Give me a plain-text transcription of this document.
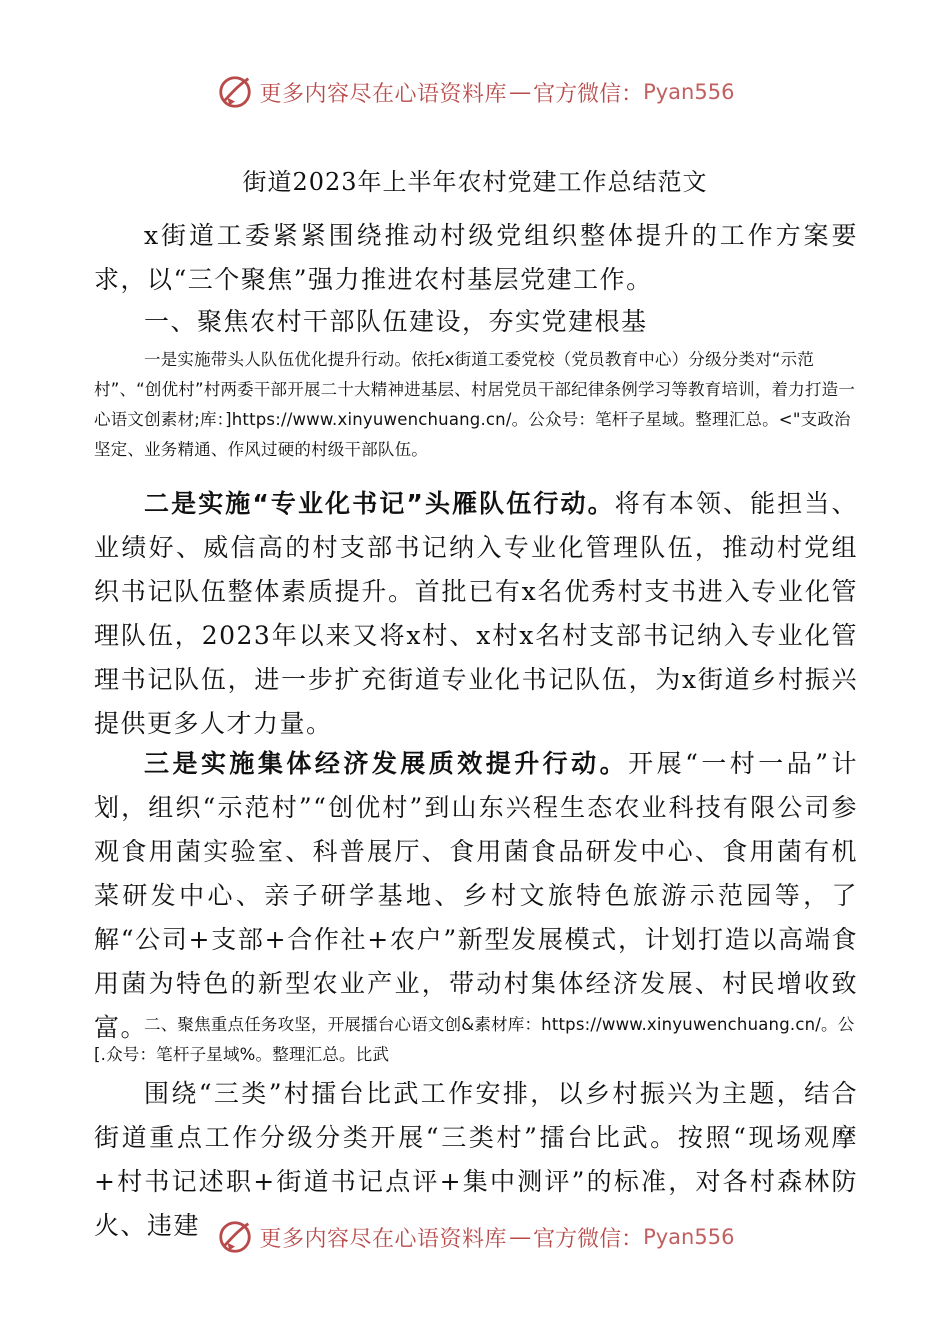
更多内容尽在心语资料库 — 官方微信： Pyan556
街道2023年上半年农村党建工作总结范文
x街道工委紧紧围绕推动村级党组织整体提升的工作方案要求，以“三个聚焦”强力推进农村基层党建工作。
一、聚焦农村干部队伍建设，夯实党建根基
一是实施带头人队伍优化提升行动。依托x街道工委党校（党员教育中心）分级分类对“示范村”、“创优村”村两委干部开展二十大精神进基层、村居党员干部纪律条例学习等教育培训，着力打造一心语文创素材;库：]https://www.xinyuwenchuang.cn/。公众号：笔杆子星域。整理汇总。<"支政治坚定、业务精通、作风过硬的村级干部队伍。
二是实施“专业化书记”头雁队伍行动。将有本领、能担当、业绩好、威信高的村支部书记纳入专业化管理队伍，推动村党组织书记队伍整体素质提升。首批已有x名优秀村支书进入专业化管理队伍，2023年以来又将x村、x村x名村支部书记纳入专业化管理书记队伍，进一步扩充街道专业化书记队伍，为x街道乡村振兴提供更多人才力量。
三是实施集体经济发展质效提升行动。开展“一村一品”计划，组织“示范村”“创优村”到山东兴程生态农业科技有限公司参观食用菌实验室、科普展厅、食用菌食品研发中心、食用菌有机菜研发中心、亲子研学基地、乡村文旅特色旅游示范园等，了解“公司+支部+合作社+农户”新型发展模式，计划打造以高端食用菌为特色的新型农业产业，带动村集体经济发展、村民增收致富。
二、聚焦重点任务攻坚，开展擂台心语文创&素材库：https://www.xinyuwenchuang.cn/。公[.众号：笔杆子星域%。整理汇总。比武
围绕“三类”村擂台比武工作安排，以乡村振兴为主题，结合街道重点工作分级分类开展“三类村”擂台比武。按照“现场观摩+村书记述职+街道书记点评+集中测评”的标准，对各村森林防火、违建	更多内容尽在心语资料库 — 官方微信： Pyan556
